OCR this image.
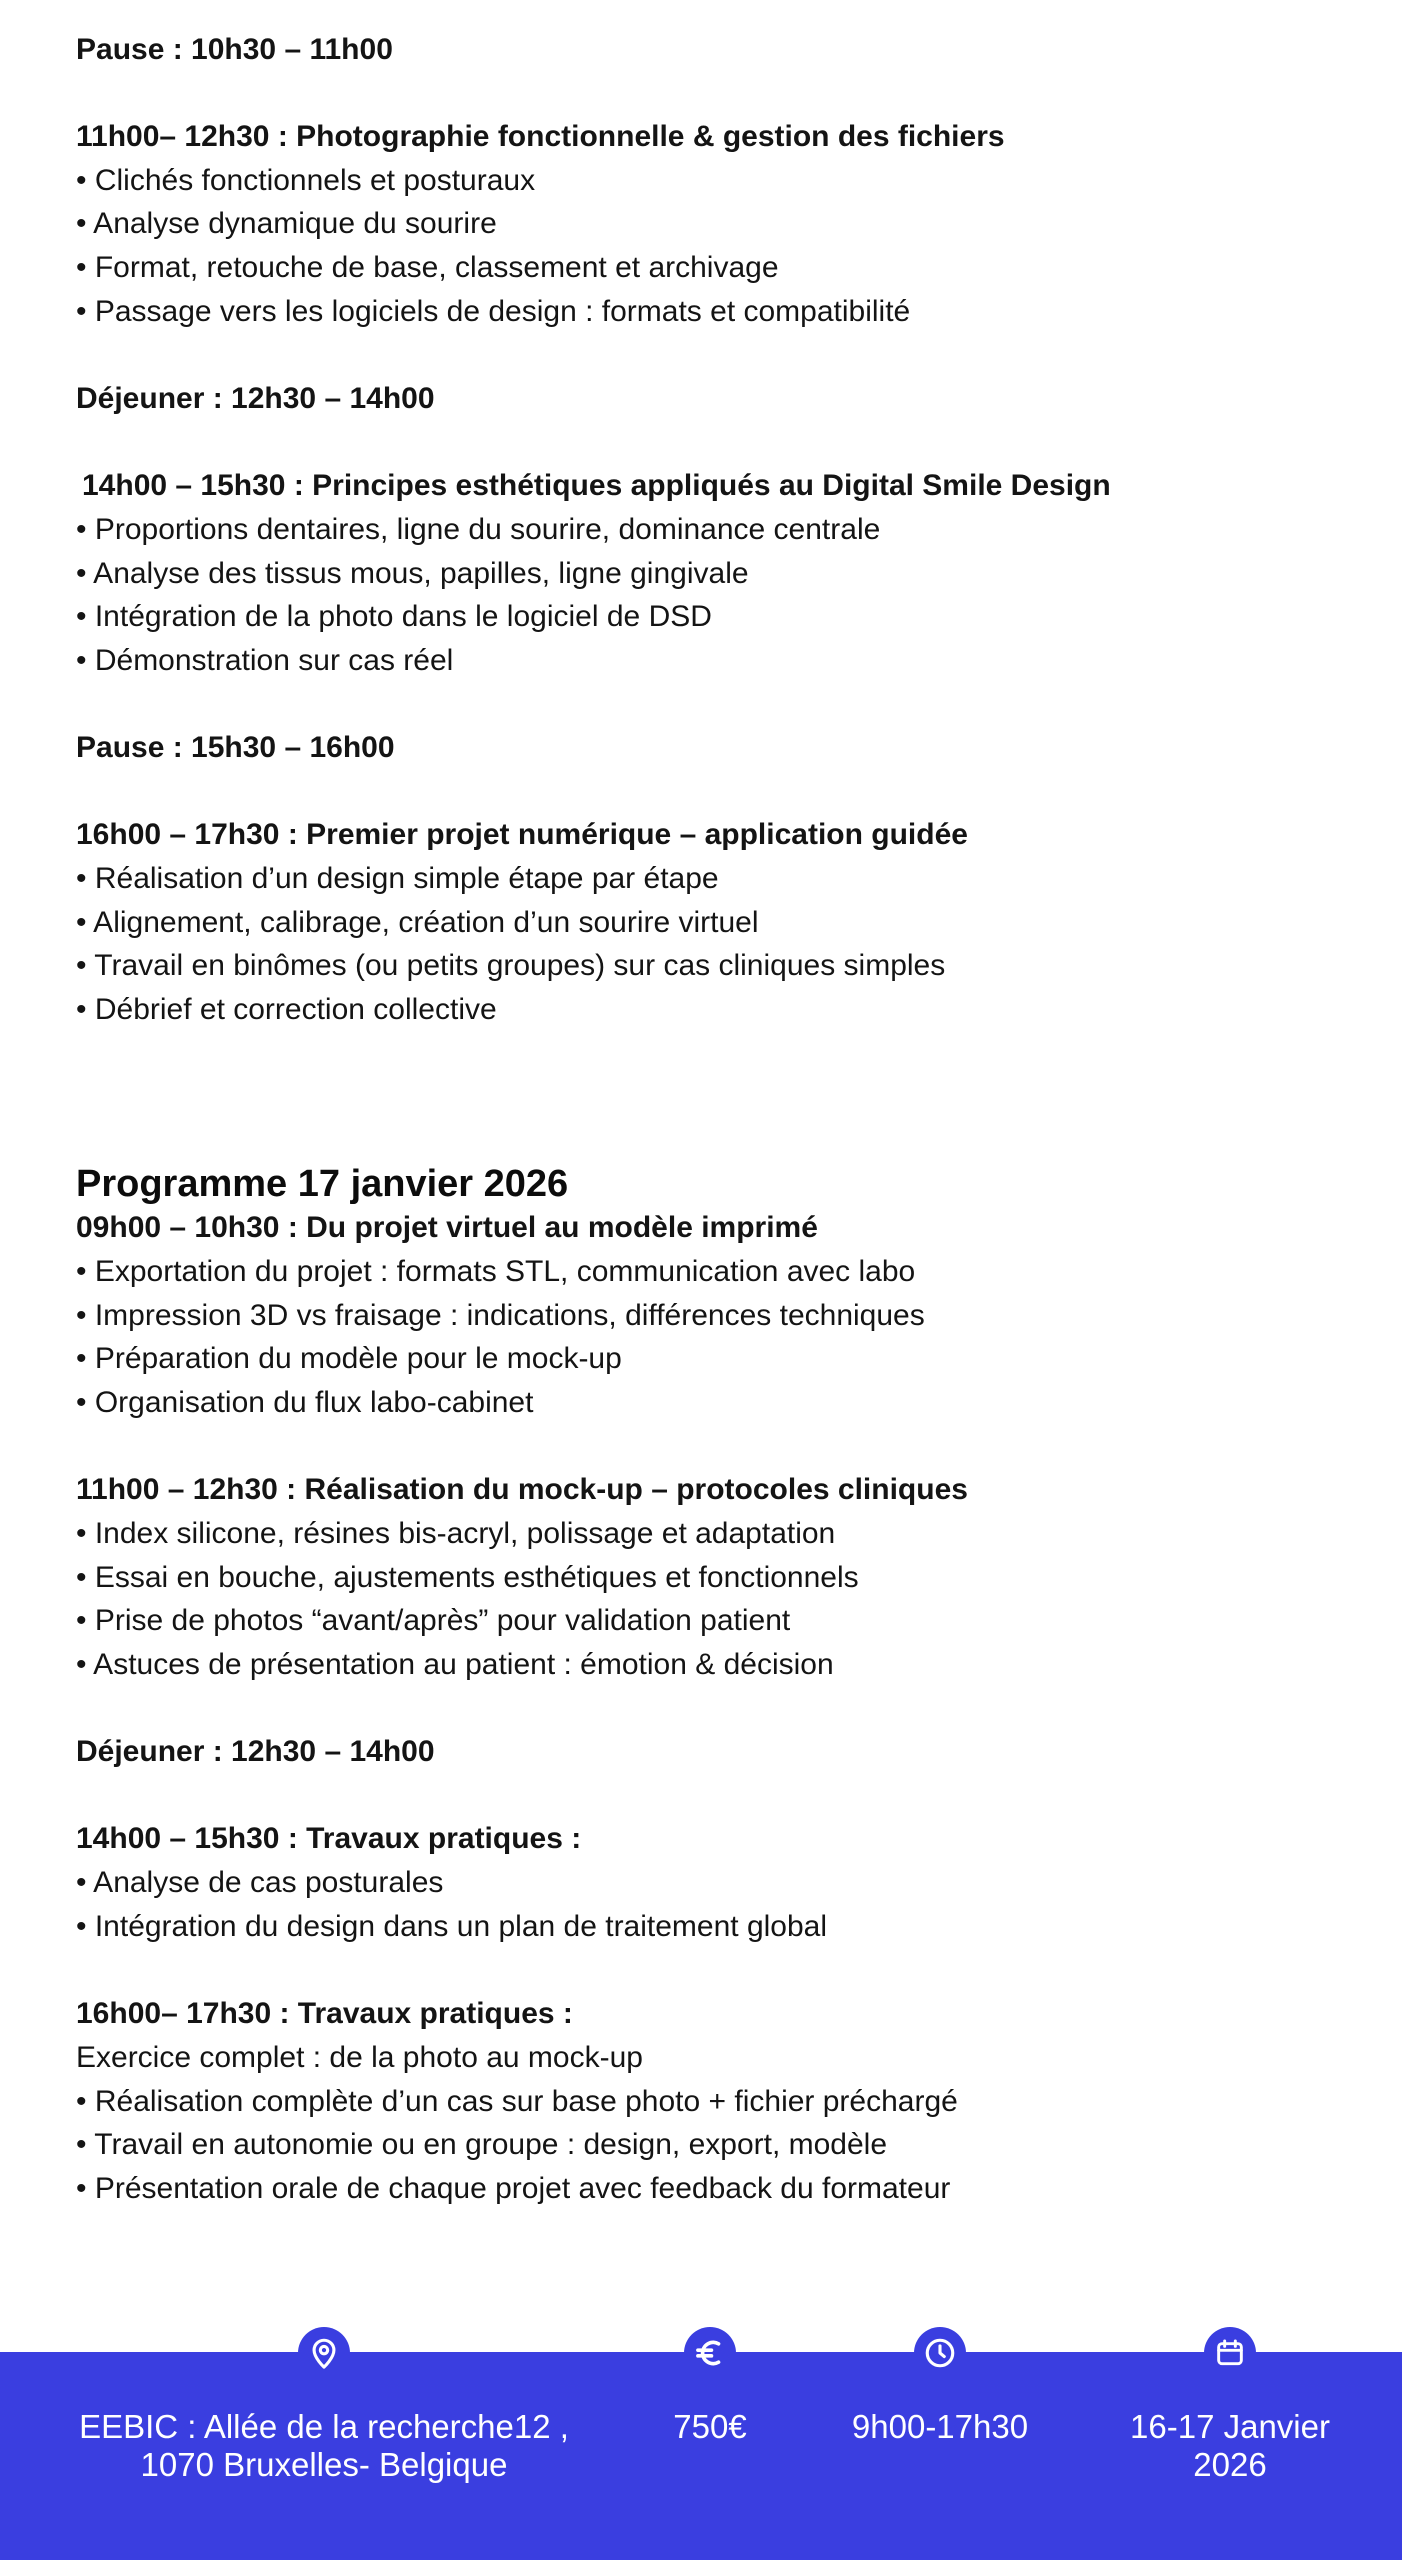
Pause : 10h30 – 11h00
11h00– 12h30 : Photographie fonctionnelle & gestion des fichiers
• Clichés fonctionnels et posturaux
• Analyse dynamique du sourire
• Format, retouche de base, classement et archivage
• Passage vers les logiciels de design : formats et compatibilité
Déjeuner : 12h30 – 14h00
14h00 – 15h30 : Principes esthétiques appliqués au Digital Smile Design
• Proportions dentaires, ligne du sourire, dominance centrale
• Analyse des tissus mous, papilles, ligne gingivale
• Intégration de la photo dans le logiciel de DSD
• Démonstration sur cas réel
Pause : 15h30 – 16h00
16h00 – 17h30 : Premier projet numérique – application guidée
• Réalisation d’un design simple étape par étape
• Alignement, calibrage, création d’un sourire virtuel
• Travail en binômes (ou petits groupes) sur cas cliniques simples
• Débrief et correction collective
Programme 17 janvier 2026
09h00 – 10h30 : Du projet virtuel au modèle imprimé
• Exportation du projet : formats STL, communication avec labo
• Impression 3D vs fraisage : indications, différences techniques
• Préparation du modèle pour le mock-up
• Organisation du flux labo-cabinet
11h00 – 12h30 : Réalisation du mock-up – protocoles cliniques
• Index silicone, résines bis-acryl, polissage et adaptation
• Essai en bouche, ajustements esthétiques et fonctionnels
• Prise de photos “avant/après” pour validation patient
• Astuces de présentation au patient : émotion & décision
Déjeuner : 12h30 – 14h00
14h00 – 15h30 : Travaux pratiques :
• Analyse de cas posturales
• Intégration du design dans un plan de traitement global
16h00– 17h30 : Travaux pratiques :
Exercice complet : de la photo au mock-up
• Réalisation complète d’un cas sur base photo + fichier préchargé
• Travail en autonomie ou en groupe : design, export, modèle
• Présentation orale de chaque projet avec feedback du formateur
EEBIC : Allée de la recherche12 ,
1070 Bruxelles- Belgique
750€	9h00-17h30	16-17 Janvier
2026
